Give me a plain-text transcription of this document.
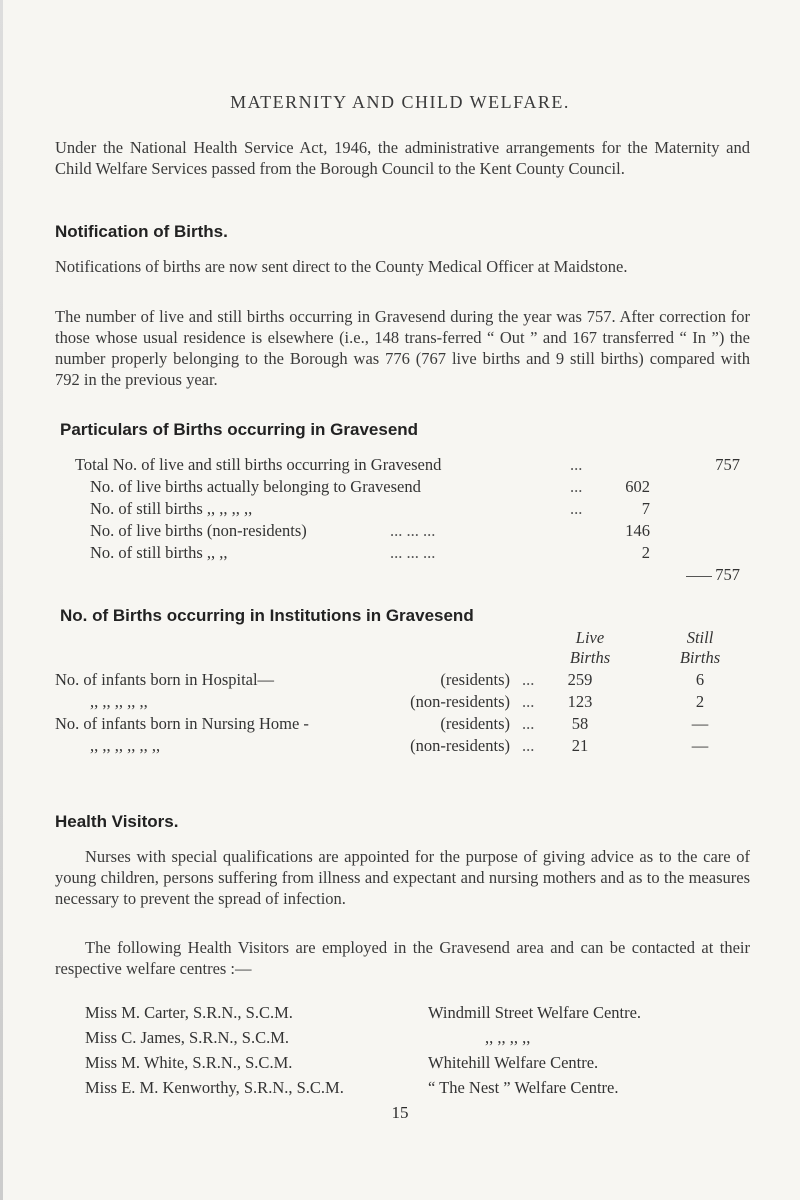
MATERNITY AND CHILD WELFARE.
Under the National Health Service Act, 1946, the administrative arrangements for the Maternity and Child Welfare Services passed from the Borough Council to the Kent County Council.
Notification of Births.
Notifications of births are now sent direct to the County Medical Officer at Maidstone.
The number of live and still births occurring in Gravesend during the year was 757. After correction for those whose usual residence is elsewhere (i.e., 148 trans-ferred “ Out ” and 167 transferred “ In ”) the number properly belonging to the Borough was 776 (767 live births and 9 still births) compared with 792 in the previous year.
Particulars of Births occurring in Gravesend
Total No. of live and still births occurring in Gravesend	...	757
No. of live births actually belonging to Gravesend	...	602
No. of still births ,, ,, ,, ,,	...	7
No. of live births (non-residents)	... ... ...	146
No. of still births ,, ,,	... ... ...	2
757
No. of Births occurring in Institutions in Gravesend
Live	Still
Births	Births
No. of infants born in Hospital—	(residents) ...	259	6
,, ,, ,, ,, ,,	(non-residents) ...	123	2
No. of infants born in Nursing Home -	(residents) ...	58	—
,, ,, ,, ,, ,, ,,	(non-residents) ...	21	—
Health Visitors.
Nurses with special qualifications are appointed for the purpose of giving advice as to the care of young children, persons suffering from illness and expectant and nursing mothers and as to the measures necessary to prevent the spread of infection.
The following Health Visitors are employed in the Gravesend area and can be contacted at their respective welfare centres :—
Miss M. Carter, S.R.N., S.C.M.	Windmill Street Welfare Centre.
Miss C. James, S.R.N., S.C.M.	,, ,, ,, ,,
Miss M. White, S.R.N., S.C.M.	Whitehill Welfare Centre.
Miss E. M. Kenworthy, S.R.N., S.C.M.	“ The Nest ” Welfare Centre.
15
